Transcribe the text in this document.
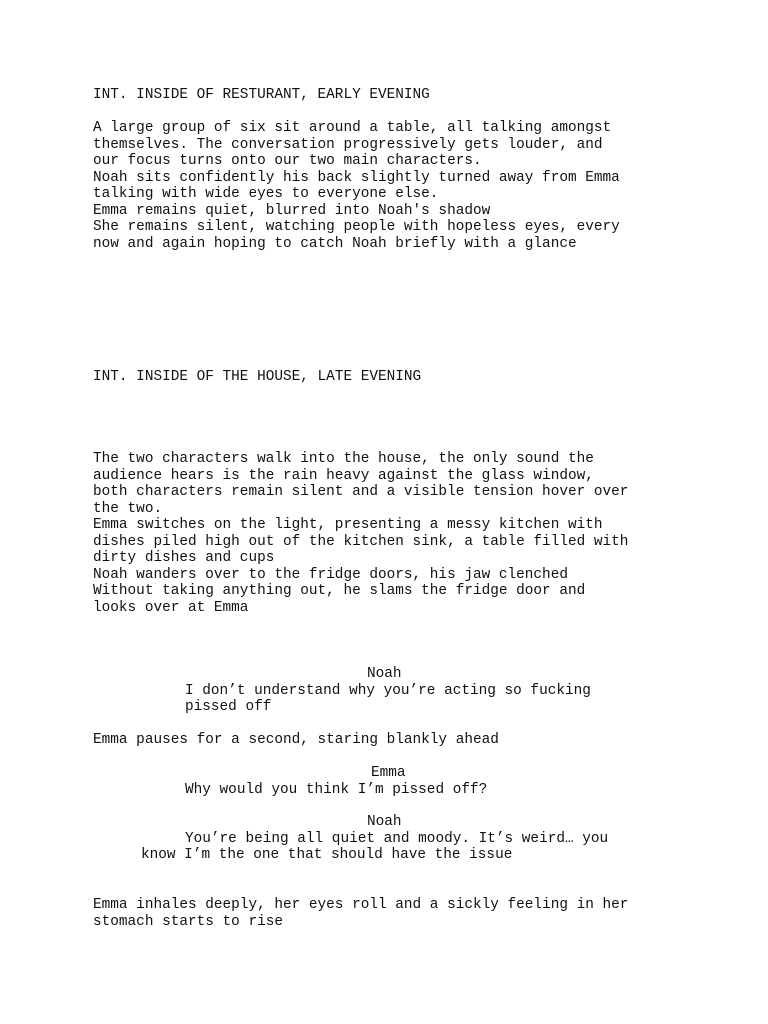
INT. INSIDE OF RESTURANT, EARLY EVENING
A large group of six sit around a table, all talking amongst
themselves. The conversation progressively gets louder, and
our focus turns onto our two main characters.
Noah sits confidently his back slightly turned away from Emma
talking with wide eyes to everyone else.
Emma remains quiet, blurred into Noah's shadow
She remains silent, watching people with hopeless eyes, every
now and again hoping to catch Noah briefly with a glance
INT. INSIDE OF THE HOUSE, LATE EVENING
The two characters walk into the house, the only sound the
audience hears is the rain heavy against the glass window,
both characters remain silent and a visible tension hover over
the two.
Emma switches on the light, presenting a messy kitchen with
dishes piled high out of the kitchen sink, a table filled with
dirty dishes and cups
Noah wanders over to the fridge doors, his jaw clenched
Without taking anything out, he slams the fridge door and
looks over at Emma
Noah
I don’t understand why you’re acting so fucking
pissed off
Emma pauses for a second, staring blankly ahead
Emma
Why would you think I’m pissed off?
Noah
You’re being all quiet and moody. It’s weird… you
know I’m the one that should have the issue
Emma inhales deeply, her eyes roll and a sickly feeling in her
stomach starts to rise
